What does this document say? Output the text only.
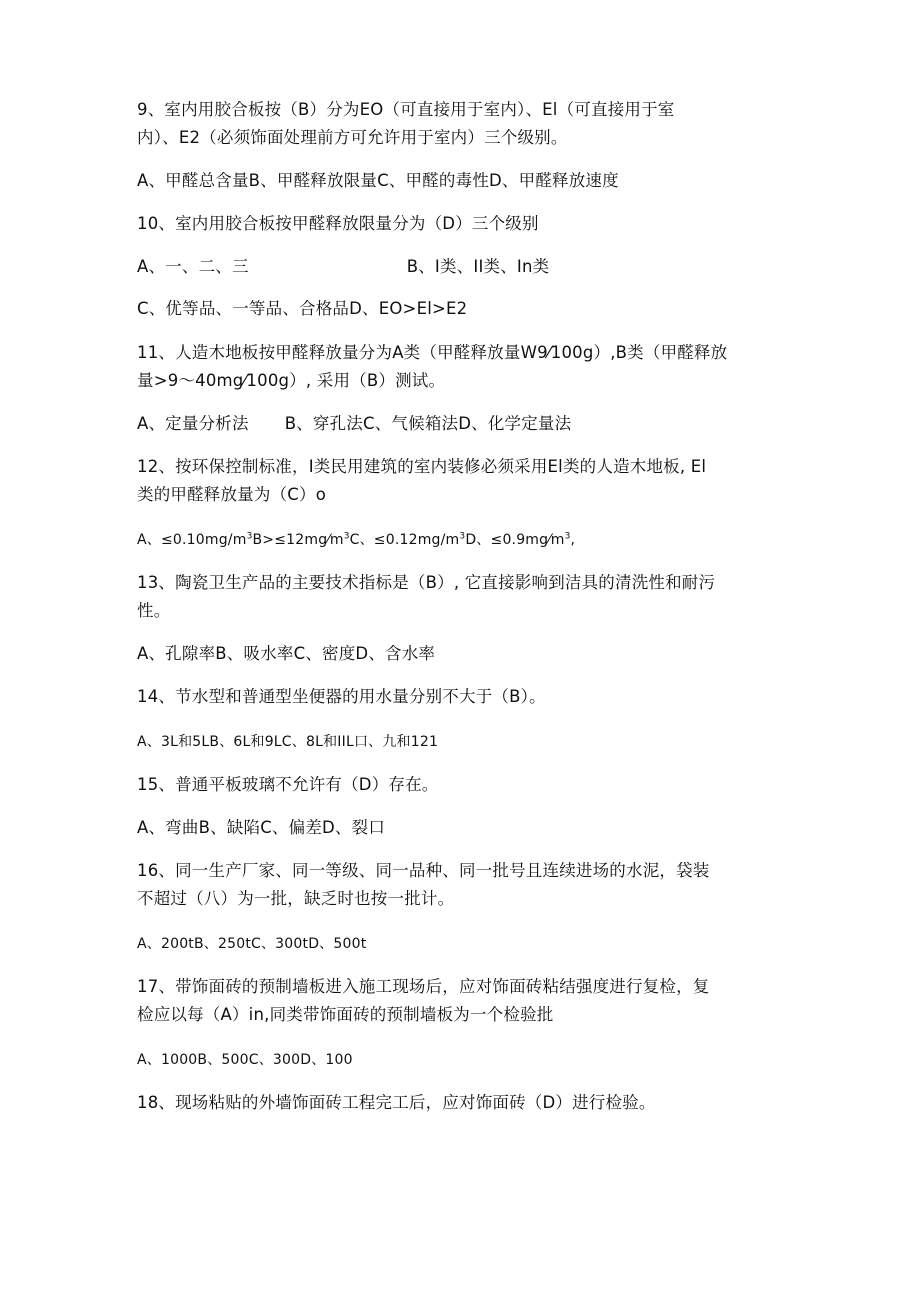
9、室内用胶合板按（B）分为EO（可直接用于室内）、El（可直接用于室
内）、E2（必须饰面处理前方可允许用于室内）三个级别。
A、甲醛总含量B、甲醛释放限量C、甲醛的毒性D、甲醛释放速度
10、室内用胶合板按甲醛释放限量分为（D）三个级别
A、一、二、三	B、I类、II类、In类
C、优等品、一等品、合格品D、EO>El>E2
11、人造木地板按甲醛释放量分为A类（甲醛释放量W9⁄100g）,B类（甲醛释放
量>9～40mg⁄100g）, 采用（B）测试。
A、定量分析法 B、穿孔法C、气候箱法D、化学定量法
12、按环保控制标准，I类民用建筑的室内装修必须采用El类的人造木地板, El
类的甲醛释放量为（C）o
A、$\le 0.10mg/m^3B>\le 12mg⁄m^3C$、$\le 0.12mg/m^3D$、$\le 0.9mg⁄m^3$,
13、陶瓷卫生产品的主要技术指标是（B）, 它直接影响到洁具的清洗性和耐污
性。
A、孔隙率B、吸水率C、密度D、含水率
14、节水型和普通型坐便器的用水量分别不大于（B）。
A、3L和5LB、6L和9LC、8L和IIL口、九和121
15、普通平板玻璃不允许有（D）存在。
A、弯曲B、缺陷C、偏差D、裂口
16、同一生产厂家、同一等级、同一品种、同一批号且连续进场的水泥，袋装
不超过（八）为一批，缺乏时也按一批计。
A、200tB、250tC、300tD、500t
17、带饰面砖的预制墙板进入施工现场后，应对饰面砖粘结强度进行复检，复
检应以每（A）in,同类带饰面砖的预制墙板为一个检验批
A、1000B、500C、300D、100
18、现场粘贴的外墙饰面砖工程完工后，应对饰面砖（D）进行检验。
